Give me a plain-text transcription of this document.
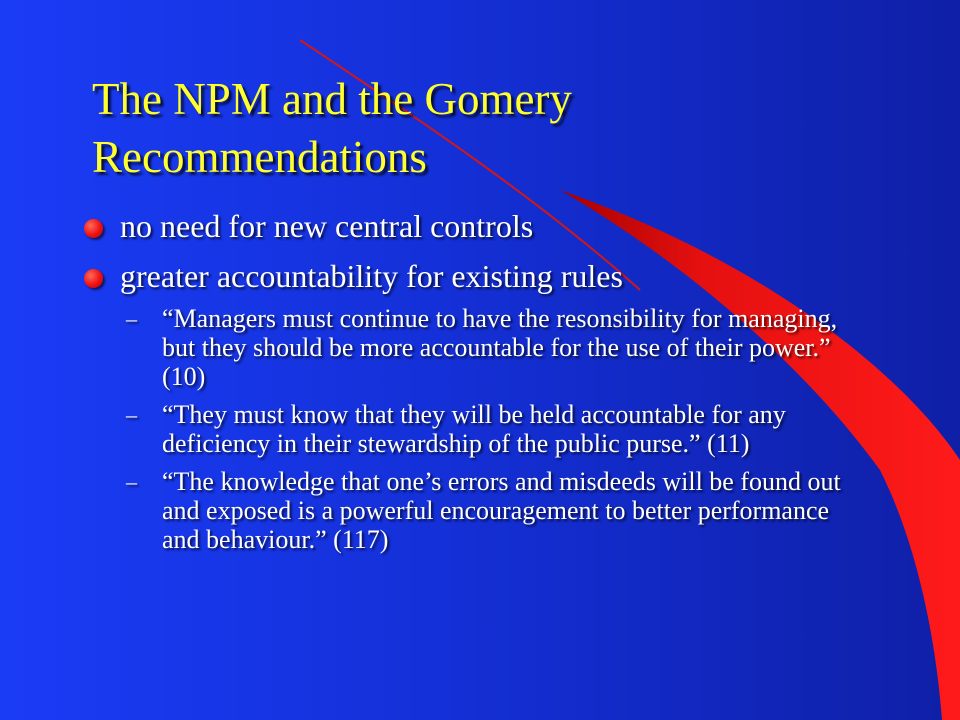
The NPM and the Gomery
Recommendations
no need for new central controls
greater accountability for existing rules
– “Managers must continue to have the resonsibility for managing, but they should be more accountable for the use of their power.” (10)
– “They must know that they will be held accountable for any deficiency in their stewardship of the public purse.” (11)
– “The knowledge that one’s errors and misdeeds will be found out and exposed is a powerful encouragement to better performance and behaviour.” (117)
